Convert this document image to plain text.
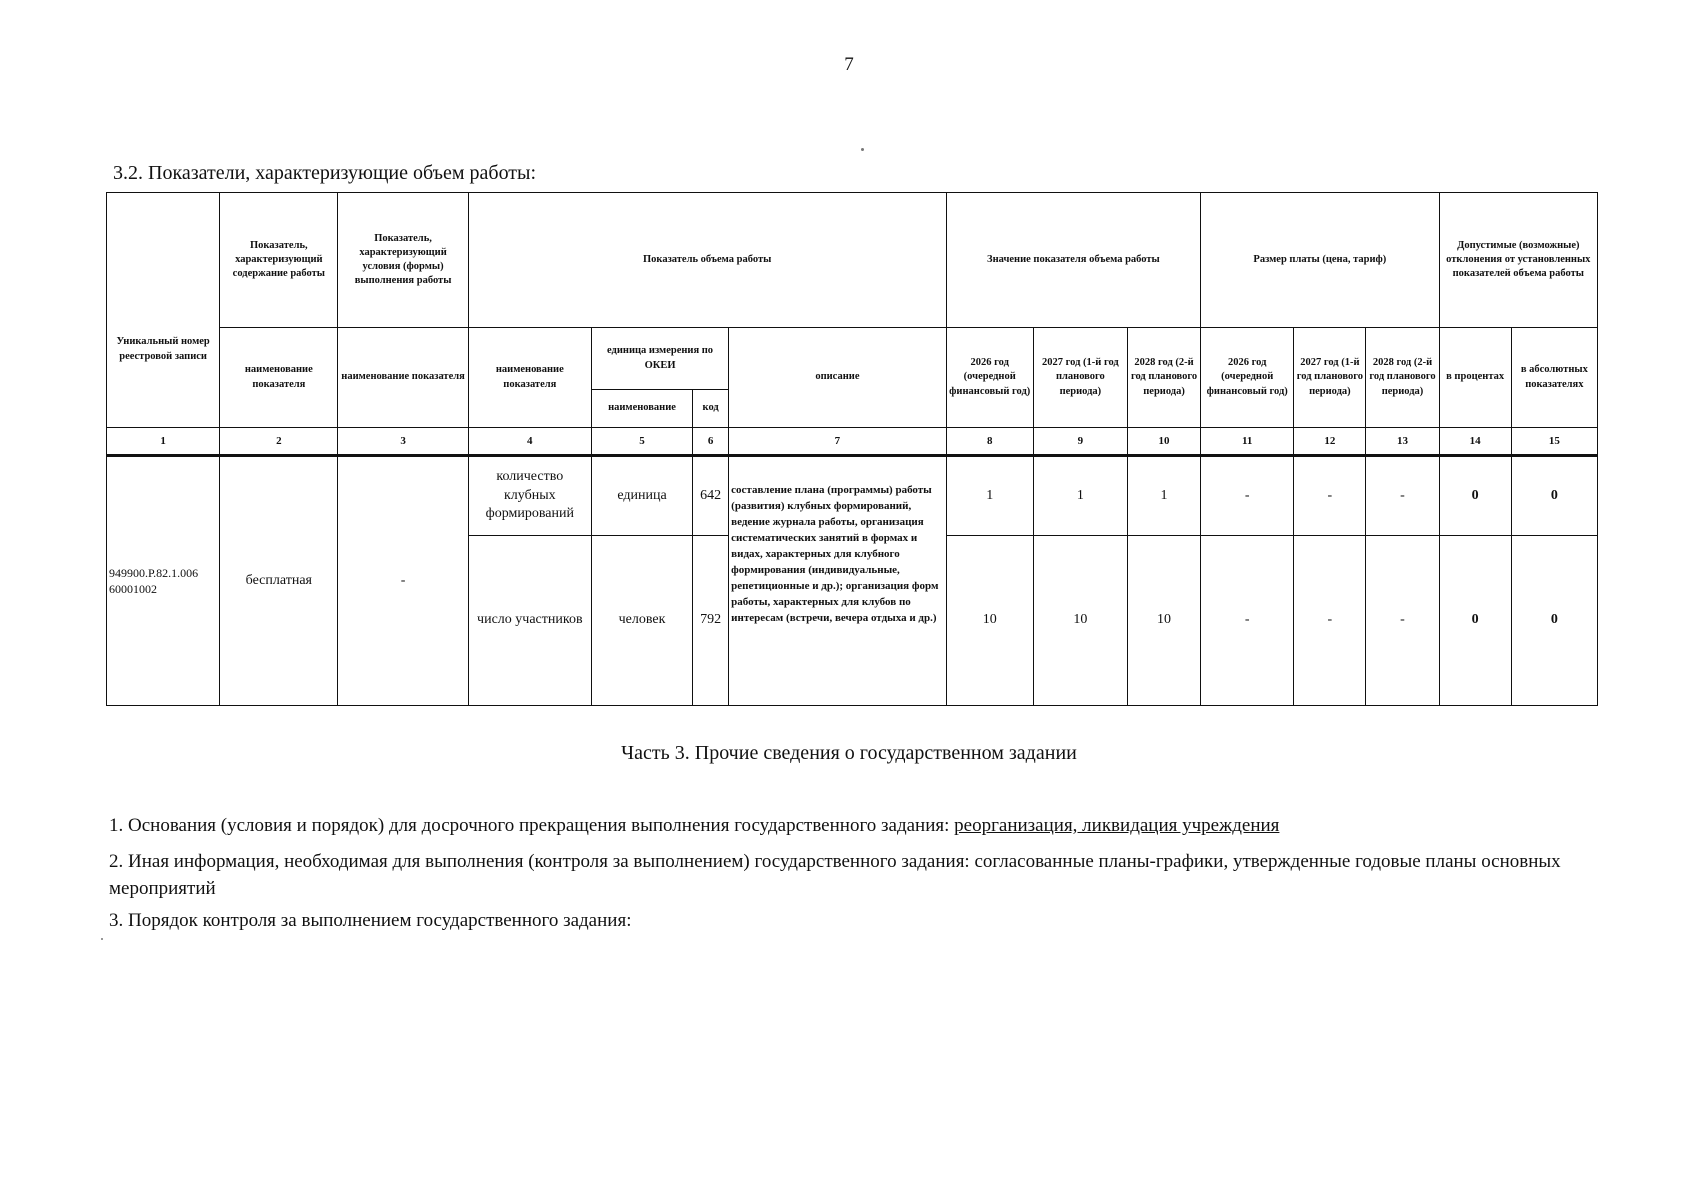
7
3.2. Показатели, характеризующие объем работы:
Уникальный номер реестровой записи	Показатель, характеризующий содержание работы	Показатель, характеризующий условия (формы) выполнения работы	Показатель объема работы				Значение показателя объема работы			Размер платы (цена, тариф)			Допустимые (возможные) отклонения от установленных показателей объема работы	
	наименование показателя	наименование показателя	наименование показателя	единица измерения по ОКЕИ		описание	2026 год (очередной финансовый год)	2027 год (1-й год планового периода)	2028 год (2-й год планового периода)	2026 год (очередной финансовый год)	2027 год (1-й год планового периода)	2028 год (2-й год планового периода)	в процентах	в абсолютных показателях
				наименование	код									
1	2	3	4	5	6	7	8	9	10	11	12	13	14	15
949900.Р.82.1.006 60001002	бесплатная	-	количество клубных формирований	единица	642	составление плана (программы) работы (развития) клубных формирований, ведение журнала работы, организация систематических занятий в формах и видах, характерных для клубного формирования (индивидуальные, репетиционные и др.); организация форм работы, характерных для клубов по интересам (встречи, вечера отдыха и др.)	1	1	1	-	-	-	0	0
			число участников	человек	792		10	10	10	-	-	-	0	0
Часть 3. Прочие сведения о государственном задании
1. Основания (условия и порядок) для досрочного прекращения выполнения государственного задания: реорганизация, ликвидация учреждения
2. Иная информация, необходимая для выполнения (контроля за выполнением) государственного задания: согласованные планы-графики, утвержденные годовые планы основных мероприятий
3. Порядок контроля за выполнением государственного задания:
